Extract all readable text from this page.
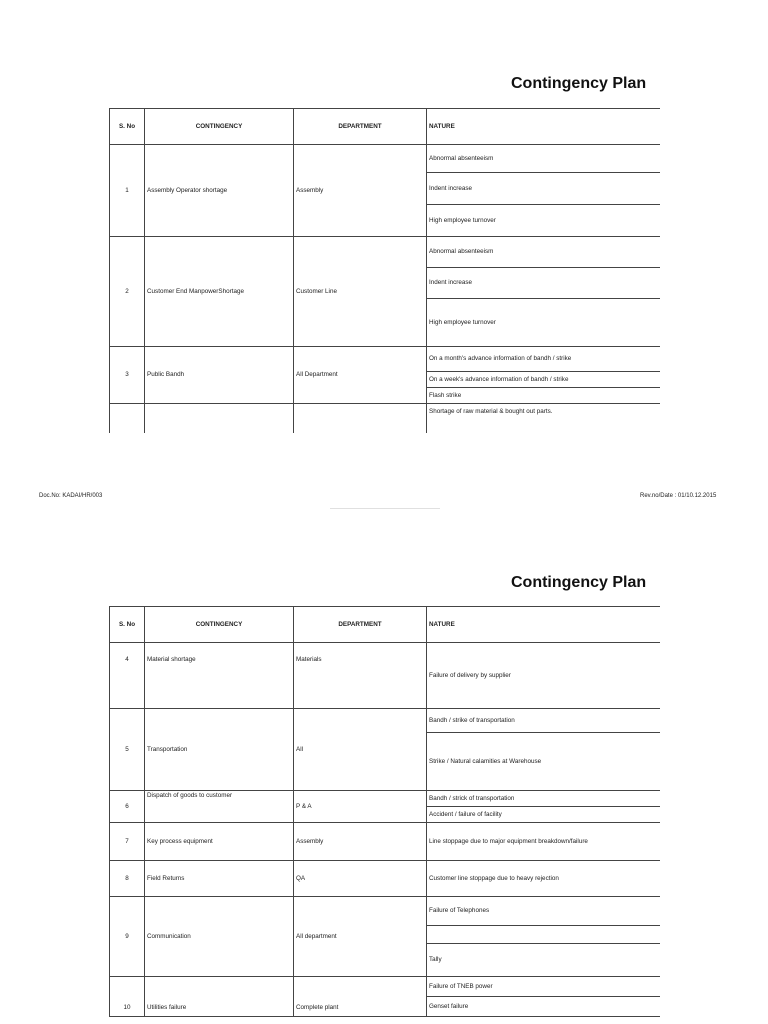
Contingency Plan
S. No	CONTINGENCY	DEPARTMENT	NATURE
1	Assembly Operator shortage	Assembly	Abnormal absenteeism
			Indent increase
			High employee turnover
2	Customer End ManpowerShortage	Customer Line	Abnormal absenteeism
			Indent increase
			High employee turnover
3	Public Bandh	All Department	On a month's advance information of bandh / strike
			On a week's advance information of bandh / strike
			Flash strike
			Shortage of raw material & bought out parts.
Doc.No: KADAI/HR/003	Rev.no/Date : 01/10.12.2015
Contingency Plan
S. No	CONTINGENCY	DEPARTMENT	NATURE
4	Material shortage	Materials	Failure of delivery by supplier
5	Transportation	All	Bandh / strike of transportation
			Strike / Natural calamities at Warehouse
6	Dispatch of goods to customer	P & A	Bandh / strick of transportation
			Accident / failure of facility
7	Key process equipment	Assembly	Line stoppage due to major equipment breakdown/failure
8	Field Returns	QA	Customer line stoppage due to heavy rejection
9	Communication	All department	Failure of Telephones

			Tally
10	Utilities failure	Complete plant	Failure of TNEB power
			Genset failure
